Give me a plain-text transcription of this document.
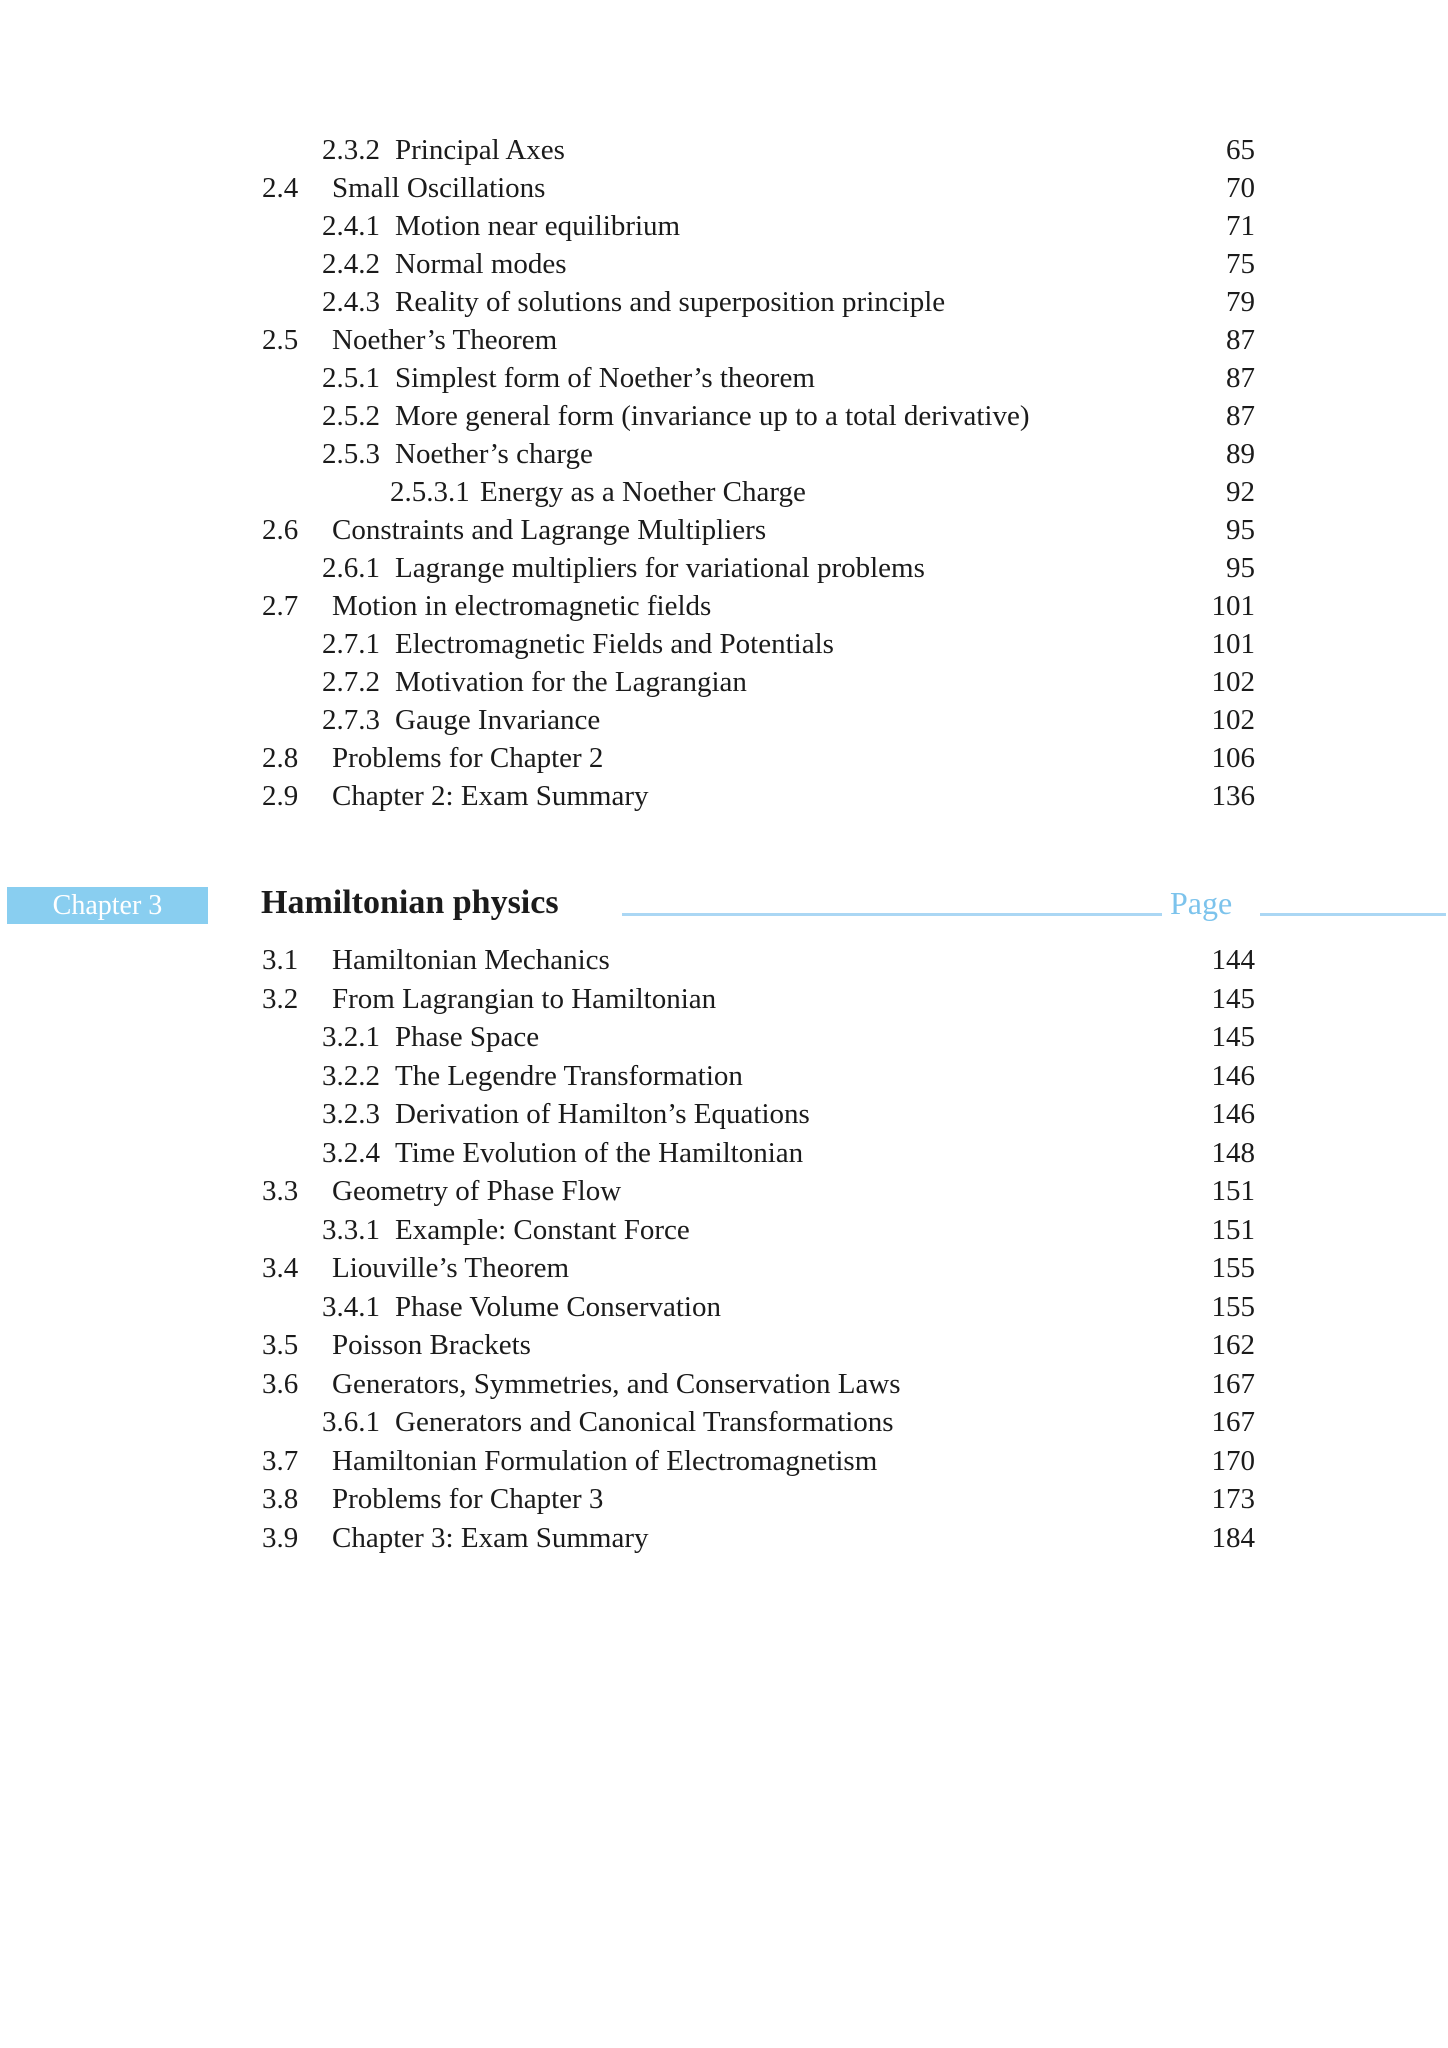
2.3.2 Principal Axes	65
2.4 Small Oscillations	70
2.4.1 Motion near equilibrium	71
2.4.2 Normal modes	75
2.4.3 Reality of solutions and superposition principle	79
2.5 Noether’s Theorem	87
2.5.1 Simplest form of Noether’s theorem	87
2.5.2 More general form (invariance up to a total derivative)	87
2.5.3 Noether’s charge	89
2.5.3.1 Energy as a Noether Charge	92
2.6 Constraints and Lagrange Multipliers	95
2.6.1 Lagrange multipliers for variational problems	95
2.7 Motion in electromagnetic fields	101
2.7.1 Electromagnetic Fields and Potentials	101
2.7.2 Motivation for the Lagrangian	102
2.7.3 Gauge Invariance	102
2.8 Problems for Chapter 2	106
2.9 Chapter 2: Exam Summary	136
Chapter 3	Hamiltonian physics	Page
3.1 Hamiltonian Mechanics	144
3.2 From Lagrangian to Hamiltonian	145
3.2.1 Phase Space	145
3.2.2 The Legendre Transformation	146
3.2.3 Derivation of Hamilton’s Equations	146
3.2.4 Time Evolution of the Hamiltonian	148
3.3 Geometry of Phase Flow	151
3.3.1 Example: Constant Force	151
3.4 Liouville’s Theorem	155
3.4.1 Phase Volume Conservation	155
3.5 Poisson Brackets	162
3.6 Generators, Symmetries, and Conservation Laws	167
3.6.1 Generators and Canonical Transformations	167
3.7 Hamiltonian Formulation of Electromagnetism	170
3.8 Problems for Chapter 3	173
3.9 Chapter 3: Exam Summary	184
